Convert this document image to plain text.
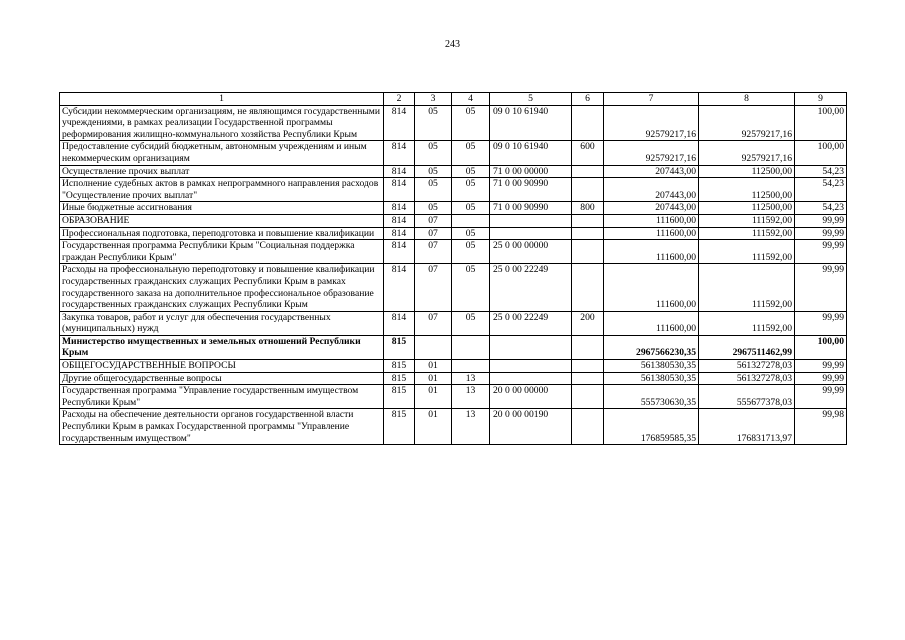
243
1	2	3	4	5	6	7	8	9
Субсидии некоммерческим организациям, не являющимся государственными учреждениями, в рамках реализации Государственной программы реформирования жилищно-коммунального хозяйства Республики Крым	814	05	05	09 0 10 61940		92579217,16	92579217,16	100,00
Предоставление субсидий бюджетным, автономным учреждениям и иным некоммерческим организациям	814	05	05	09 0 10 61940	600	92579217,16	92579217,16	100,00
Осуществление прочих выплат	814	05	05	71 0 00 00000		207443,00	112500,00	54,23
Исполнение судебных актов в рамках непрограммного направления расходов "Осуществление прочих выплат"	814	05	05	71 0 00 90990		207443,00	112500,00	54,23
Иные бюджетные ассигнования	814	05	05	71 0 00 90990	800	207443,00	112500,00	54,23
ОБРАЗОВАНИЕ	814	07				111600,00	111592,00	99,99
Профессиональная подготовка, переподготовка и повышение квалификации	814	07	05			111600,00	111592,00	99,99
Государственная программа Республики Крым "Социальная поддержка граждан Республики Крым"	814	07	05	25 0 00 00000		111600,00	111592,00	99,99
Расходы на профессиональную переподготовку и повышение квалификации государственных гражданских служащих Республики Крым в рамках государственного заказа на дополнительное профессиональное образование государственных гражданских служащих Республики Крым	814	07	05	25 0 00 22249		111600,00	111592,00	99,99
Закупка товаров, работ и услуг для обеспечения государственных (муниципальных) нужд	814	07	05	25 0 00 22249	200	111600,00	111592,00	99,99
Министерство имущественных и земельных отношений Республики Крым	815					2967566230,35	2967511462,99	100,00
ОБЩЕГОСУДАРСТВЕННЫЕ ВОПРОСЫ	815	01				561380530,35	561327278,03	99,99
Другие общегосударственные вопросы	815	01	13			561380530,35	561327278,03	99,99
Государственная программа "Управление государственным имуществом Республики Крым"	815	01	13	20 0 00 00000		555730630,35	555677378,03	99,99
Расходы на обеспечение деятельности органов государственной власти Республики Крым в рамках Государственной программы "Управление государственным имуществом"	815	01	13	20 0 00 00190		176859585,35	176831713,97	99,98
